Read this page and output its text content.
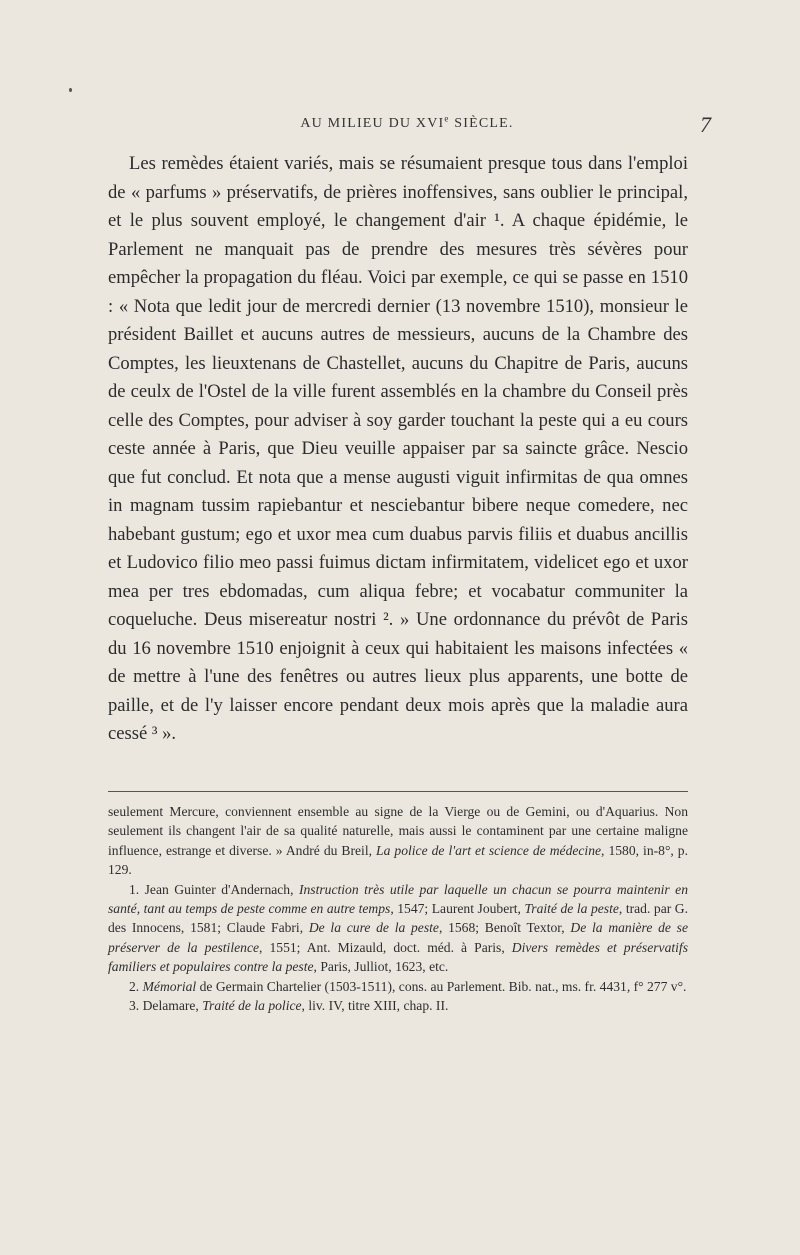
AU MILIEU DU XVIe SIÈCLE.	7

Les remèdes étaient variés, mais se résumaient presque tous dans l'emploi de « parfums » préservatifs, de prières inoffensives, sans oublier le principal, et le plus souvent employé, le changement d'air ¹. A chaque épidémie, le Parlement ne manquait pas de prendre des mesures très sévères pour empêcher la propagation du fléau. Voici par exemple, ce qui se passe en 1510 : « Nota que ledit jour de mercredi dernier (13 novembre 1510), monsieur le président Baillet et aucuns autres de messieurs, aucuns de la Chambre des Comptes, les lieuxtenans de Chastellet, aucuns du Chapitre de Paris, aucuns de ceulx de l'Ostel de la ville furent assemblés en la chambre du Conseil près celle des Comptes, pour adviser à soy garder touchant la peste qui a eu cours ceste année à Paris, que Dieu veuille appaiser par sa saincte grâce. Nescio que fut conclud. Et nota que a mense augusti viguit infirmitas de qua omnes in magnam tussim rapiebantur et nesciebantur bibere neque comedere, nec habebant gustum; ego et uxor mea cum duabus parvis filiis et duabus ancillis et Ludovico filio meo passi fuimus dictam infirmitatem, videlicet ego et uxor mea per tres ebdomadas, cum aliqua febre; et vocabatur communiter la coqueluche. Deus misereatur nostri ². » Une ordonnance du prévôt de Paris du 16 novembre 1510 enjoignit à ceux qui habitaient les maisons infectées « de mettre à l'une des fenêtres ou autres lieux plus apparents, une botte de paille, et de l'y laisser encore pendant deux mois après que la maladie aura cessé ³ ».

seulement Mercure, conviennent ensemble au signe de la Vierge ou de Gemini, ou d'Aquarius. Non seulement ils changent l'air de sa qualité naturelle, mais aussi le contaminent par une certaine maligne influence, estrange et diverse. » André du Breil, La police de l'art et science de médecine, 1580, in-8°, p. 129.

1. Jean Guinter d'Andernach, Instruction très utile par laquelle un chacun se pourra maintenir en santé, tant au temps de peste comme en autre temps, 1547; Laurent Joubert, Traité de la peste, trad. par G. des Innocens, 1581; Claude Fabri, De la cure de la peste, 1568; Benoît Textor, De la manière de se préserver de la pestilence, 1551; Ant. Mizauld, doct. méd. à Paris, Divers remèdes et préservatifs familiers et populaires contre la peste, Paris, Julliot, 1623, etc.

2. Mémorial de Germain Chartelier (1503-1511), cons. au Parlement. Bib. nat., ms. fr. 4431, f° 277 v°.

3. Delamare, Traité de la police, liv. IV, titre XIII, chap. II.
